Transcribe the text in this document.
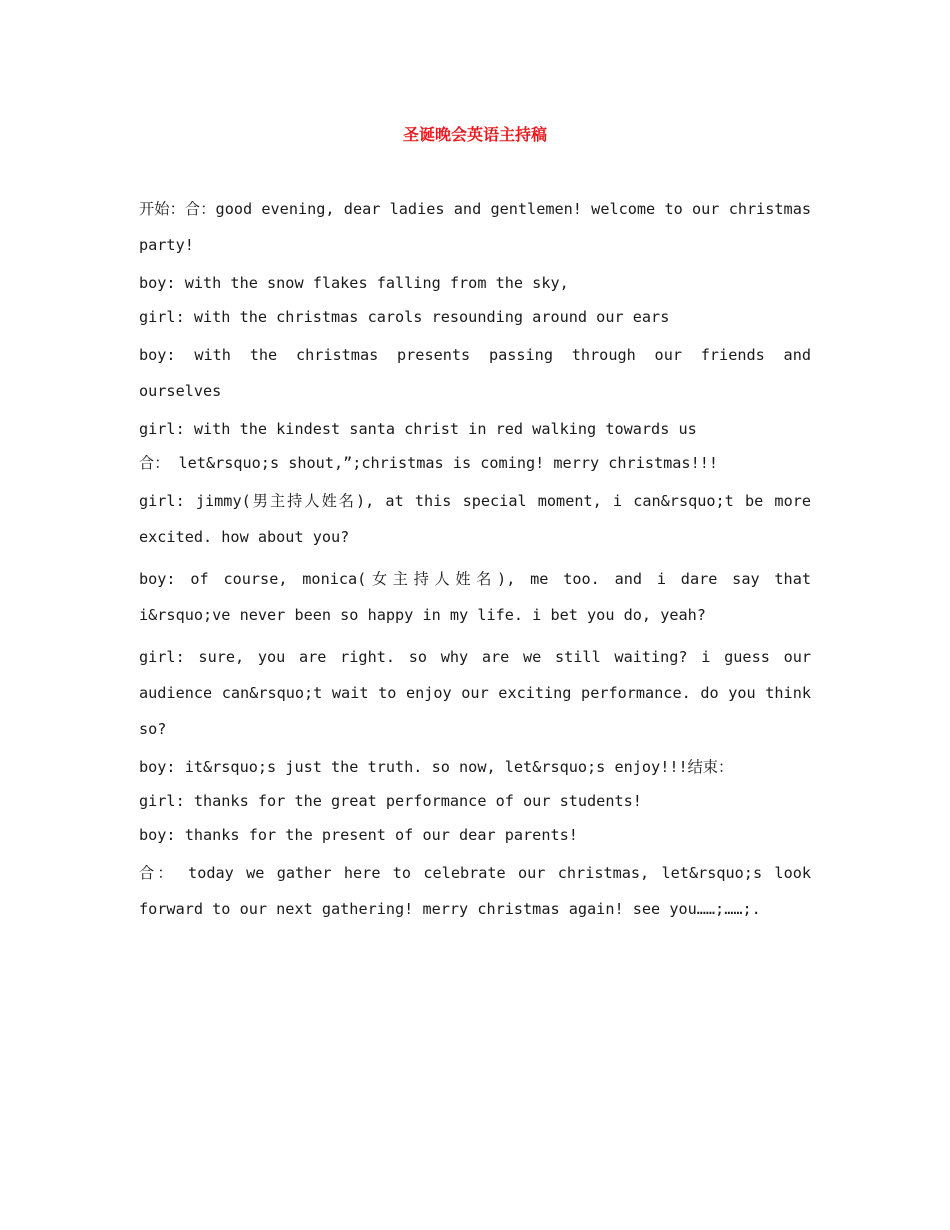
圣诞晚会英语主持稿

开始：合：good evening, dear ladies and gentlemen! welcome to our christmas party!

boy: with the snow flakes falling from the sky,

girl: with the christmas carols resounding around our ears

boy: with the christmas presents passing through our friends and ourselves

girl: with the kindest santa christ in red walking towards us

合： let&rsquo;s shout,”;christmas is coming! merry christmas!!!

girl: jimmy(男主持人姓名), at this special moment, i can&rsquo;t be more excited. how about you?

boy: of course, monica(女主持人姓名), me too. and i dare say that i&rsquo;ve never been so happy in my life. i bet you do, yeah?

girl: sure, you are right. so why are we still waiting? i guess our audience can&rsquo;t wait to enjoy our exciting performance. do you think so?

boy: it&rsquo;s just the truth. so now, let&rsquo;s enjoy!!!结束：

girl: thanks for the great performance of our students!

boy: thanks for the present of our dear parents!

合： today we gather here to celebrate our christmas, let&rsquo;s look forward to our next gathering! merry christmas again! see you……;……;.
